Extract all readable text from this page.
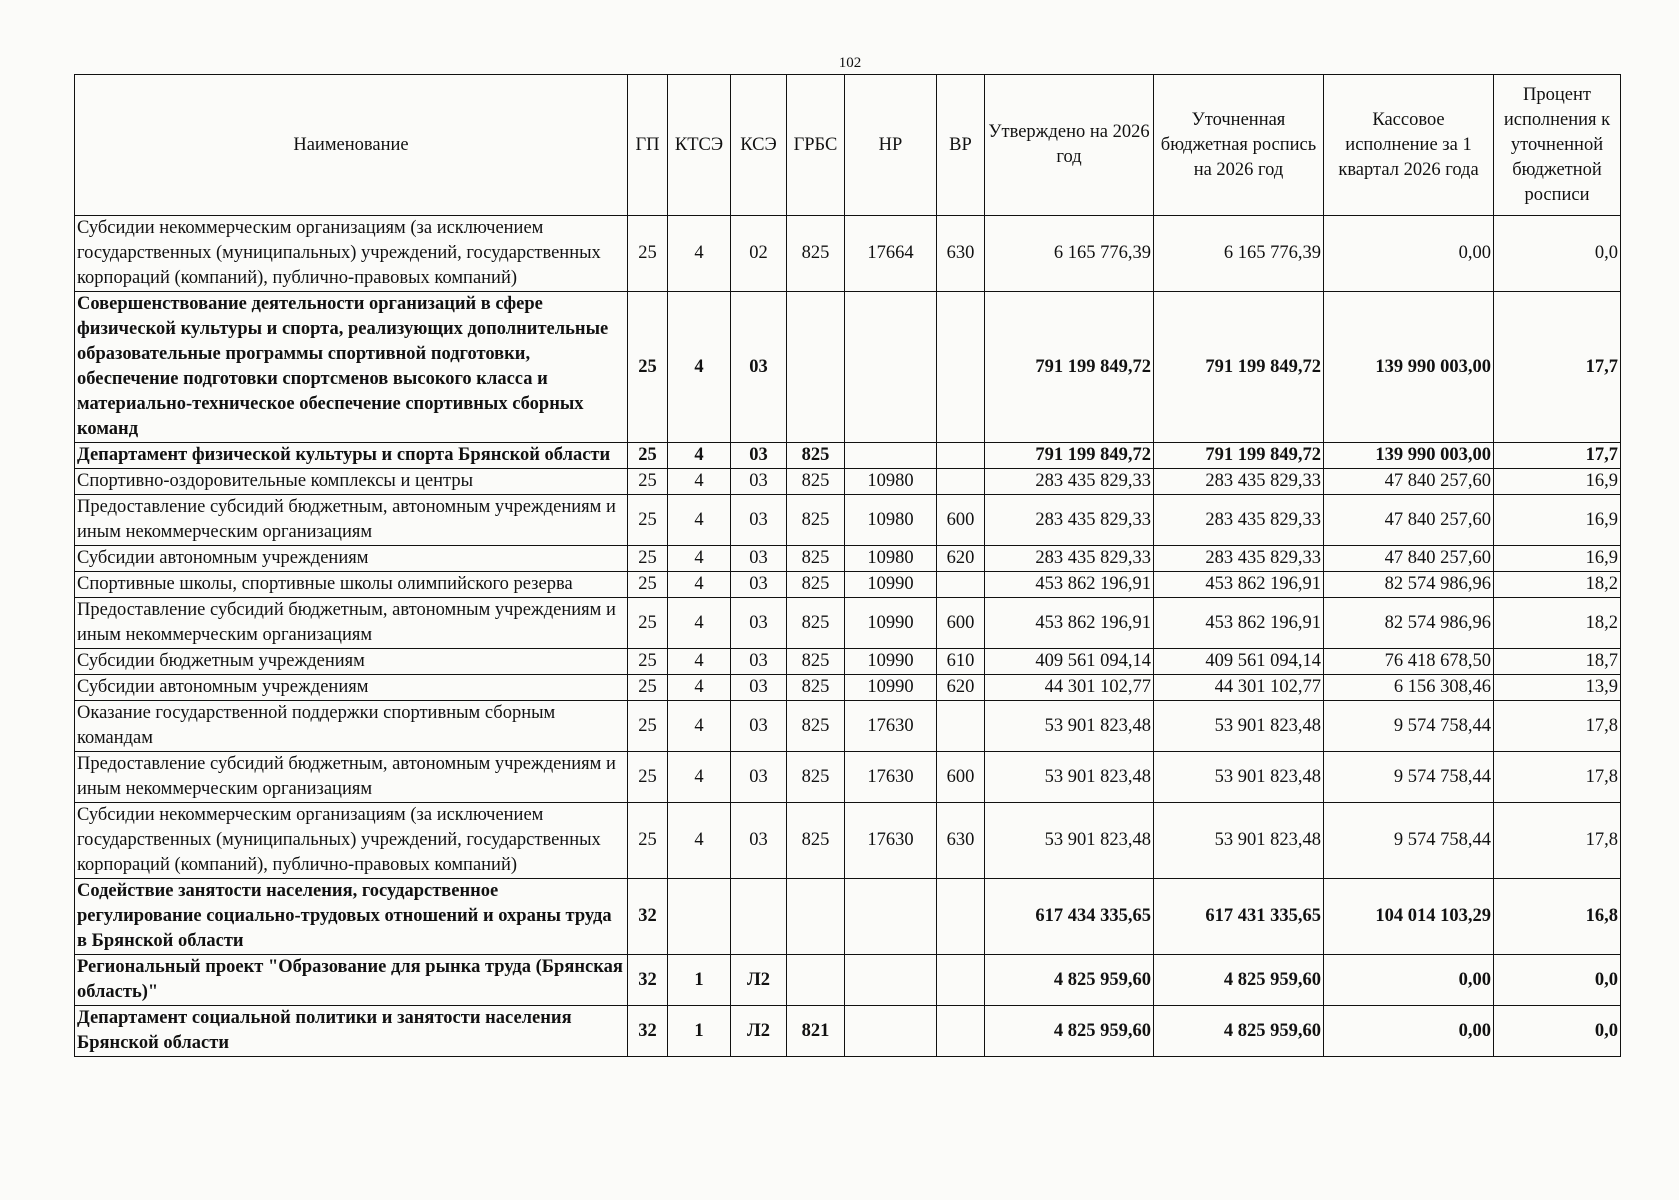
102
Наименование	ГП	КТСЭ	КСЭ	ГРБС	НР	ВР	Утверждено на 2026 год	Уточненная бюджетная роспись на 2026 год	Кассовое исполнение за 1 квартал 2026 года	Процент исполнения к уточненной бюджетной росписи
Субсидии некоммерческим организациям (за исключением государственных (муниципальных) учреждений, государственных корпораций (компаний), публично-правовых компаний)	25	4	02	825	17664	630	6 165 776,39	6 165 776,39	0,00	0,0
Совершенствование деятельности организаций в сфере физической культуры и спорта, реализующих дополнительные образовательные программы спортивной подготовки, обеспечение подготовки спортсменов высокого класса и материально-техническое обеспечение спортивных сборных команд	25	4	03				791 199 849,72	791 199 849,72	139 990 003,00	17,7
Департамент физической культуры и спорта Брянской области	25	4	03	825			791 199 849,72	791 199 849,72	139 990 003,00	17,7
Спортивно-оздоровительные комплексы и центры	25	4	03	825	10980		283 435 829,33	283 435 829,33	47 840 257,60	16,9
Предоставление субсидий бюджетным, автономным учреждениям и иным некоммерческим организациям	25	4	03	825	10980	600	283 435 829,33	283 435 829,33	47 840 257,60	16,9
Субсидии автономным учреждениям	25	4	03	825	10980	620	283 435 829,33	283 435 829,33	47 840 257,60	16,9
Спортивные школы, спортивные школы олимпийского резерва	25	4	03	825	10990		453 862 196,91	453 862 196,91	82 574 986,96	18,2
Предоставление субсидий бюджетным, автономным учреждениям и иным некоммерческим организациям	25	4	03	825	10990	600	453 862 196,91	453 862 196,91	82 574 986,96	18,2
Субсидии бюджетным учреждениям	25	4	03	825	10990	610	409 561 094,14	409 561 094,14	76 418 678,50	18,7
Субсидии автономным учреждениям	25	4	03	825	10990	620	44 301 102,77	44 301 102,77	6 156 308,46	13,9
Оказание государственной поддержки спортивным сборным командам	25	4	03	825	17630		53 901 823,48	53 901 823,48	9 574 758,44	17,8
Предоставление субсидий бюджетным, автономным учреждениям и иным некоммерческим организациям	25	4	03	825	17630	600	53 901 823,48	53 901 823,48	9 574 758,44	17,8
Субсидии некоммерческим организациям (за исключением государственных (муниципальных) учреждений, государственных корпораций (компаний), публично-правовых компаний)	25	4	03	825	17630	630	53 901 823,48	53 901 823,48	9 574 758,44	17,8
Содействие занятости населения, государственное регулирование социально-трудовых отношений и охраны труда в Брянской области	32						617 434 335,65	617 431 335,65	104 014 103,29	16,8
Региональный проект "Образование для рынка труда (Брянская область)"	32	1	Л2				4 825 959,60	4 825 959,60	0,00	0,0
Департамент социальной политики и занятости населения Брянской области	32	1	Л2	821			4 825 959,60	4 825 959,60	0,00	0,0
